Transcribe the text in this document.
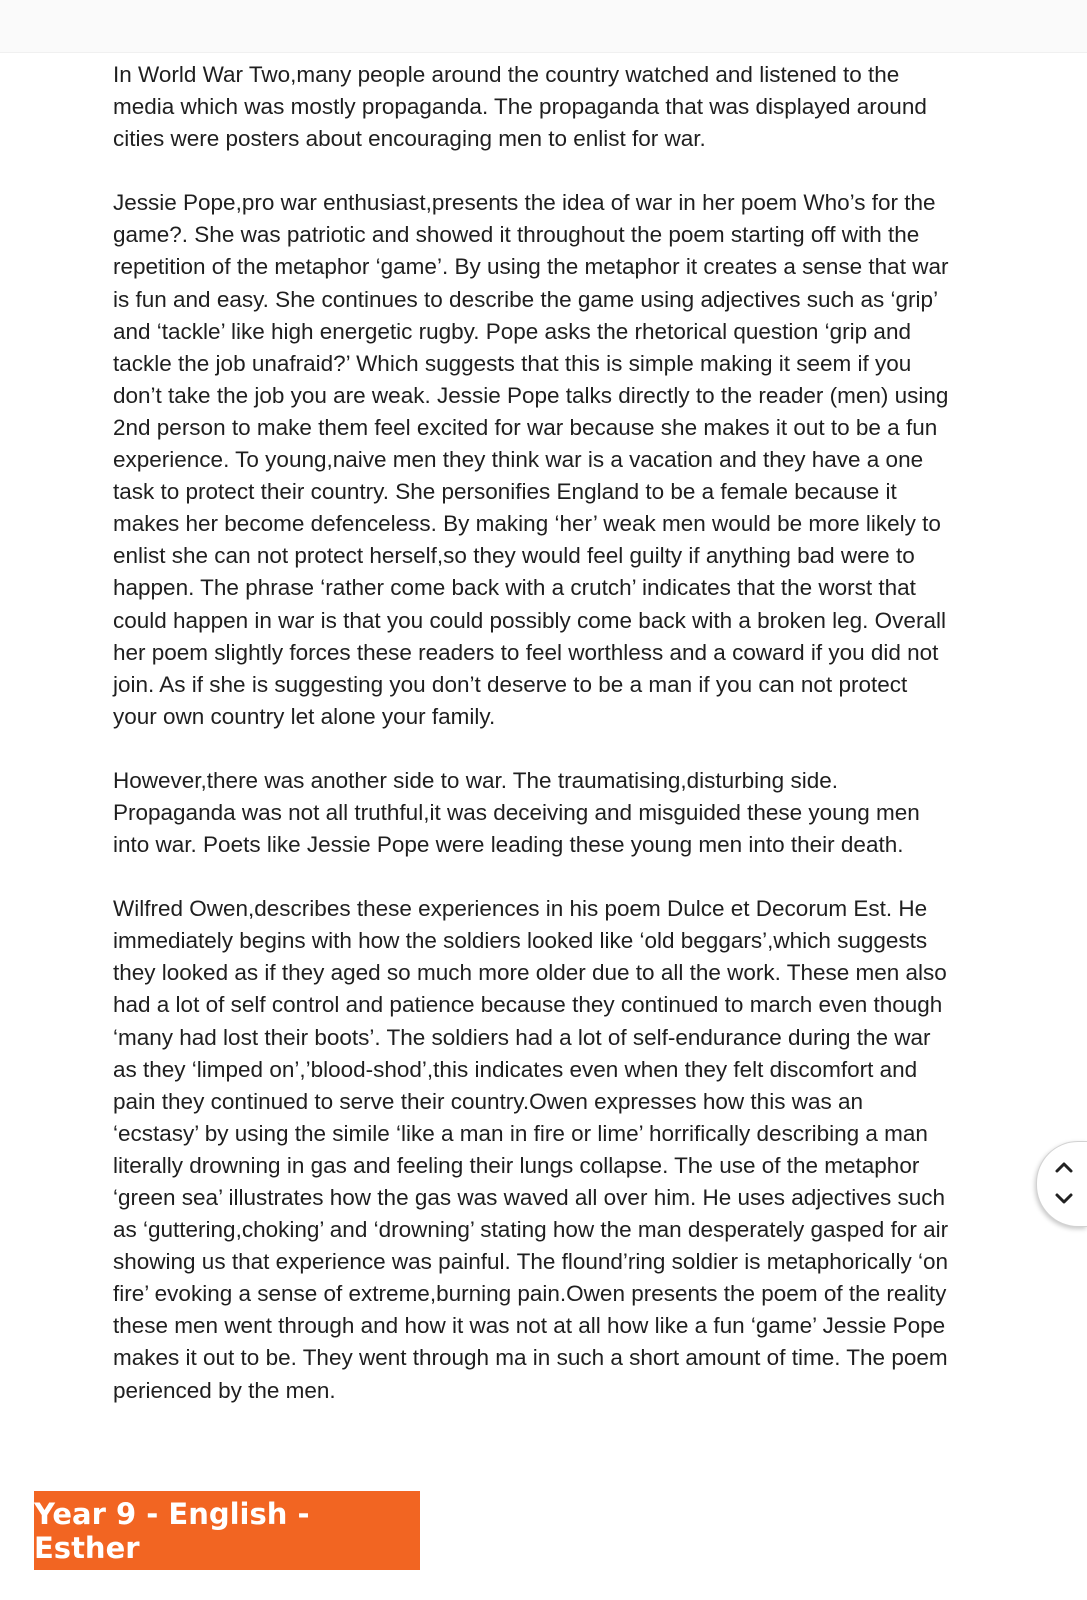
In World War Two,many people around the country watched and listened to the media which was mostly propaganda. The propaganda that was displayed around cities were posters about encouraging men to enlist for war.

Jessie Pope,pro war enthusiast,presents the idea of war in her poem Who’s for the game?. She was patriotic and showed it throughout the poem starting off with the repetition of the metaphor ‘game’. By using the metaphor it creates a sense that war is fun and easy. She continues to describe the game using adjectives such as ‘grip’ and ‘tackle’ like high energetic rugby. Pope asks the rhetorical question ‘grip and tackle the job unafraid?’ Which suggests that this is simple making it seem if you don’t take the job you are weak. Jessie Pope talks directly to the reader (men) using 2nd person to make them feel excited for war because she makes it out to be a fun experience. To young,naive men they think war is a vacation and they have a one task to protect their country. She personifies England to be a female because it makes her become defenceless. By making ‘her’ weak men would be more likely to enlist she can not protect herself,so they would feel guilty if anything bad were to happen. The phrase ‘rather come back with a crutch’ indicates that the worst that could happen in war is that you could possibly come back with a broken leg. Overall her poem slightly forces these readers to feel worthless and a coward if you did not join. As if she is suggesting you don’t deserve to be a man if you can not protect your own country let alone your family.

However,there was another side to war. The traumatising,disturbing side. Propaganda was not all truthful,it was deceiving and misguided these young men into war. Poets like Jessie Pope were leading these young men into their death.

Wilfred Owen,describes these experiences in his poem Dulce et Decorum Est. He immediately begins with how the soldiers looked like ‘old beggars’,which suggests they looked as if they aged so much more older due to all the work. These men also had a lot of self control and patience because they continued to march even though ‘many had lost their boots’. The soldiers had a lot of self-endurance during the war as they ‘limped on’,’blood-shod’,this indicates even when they felt discomfort and pain they continued to serve their country.Owen expresses how this was an ‘ecstasy’ by using the simile ‘like a man in fire or lime’ horrifically describing a man literally drowning in gas and feeling their lungs collapse. The use of the metaphor ‘green sea’ illustrates how the gas was waved all over him. He uses adjectives such as ‘guttering,choking’ and ‘drowning’ stating how the man desperately gasped for air showing us that experience was painful. The flound’ring soldier is metaphorically ‘on fire’ evoking a sense of extreme,burning pain.Owen presents the poem of the reality these men went through and how it was not at all how like a fun ‘game’ Jessie Pope makes it out to be. They went through ma in such a short amount of time. The poem perienced by the men.

Year 9 - English - Esther
